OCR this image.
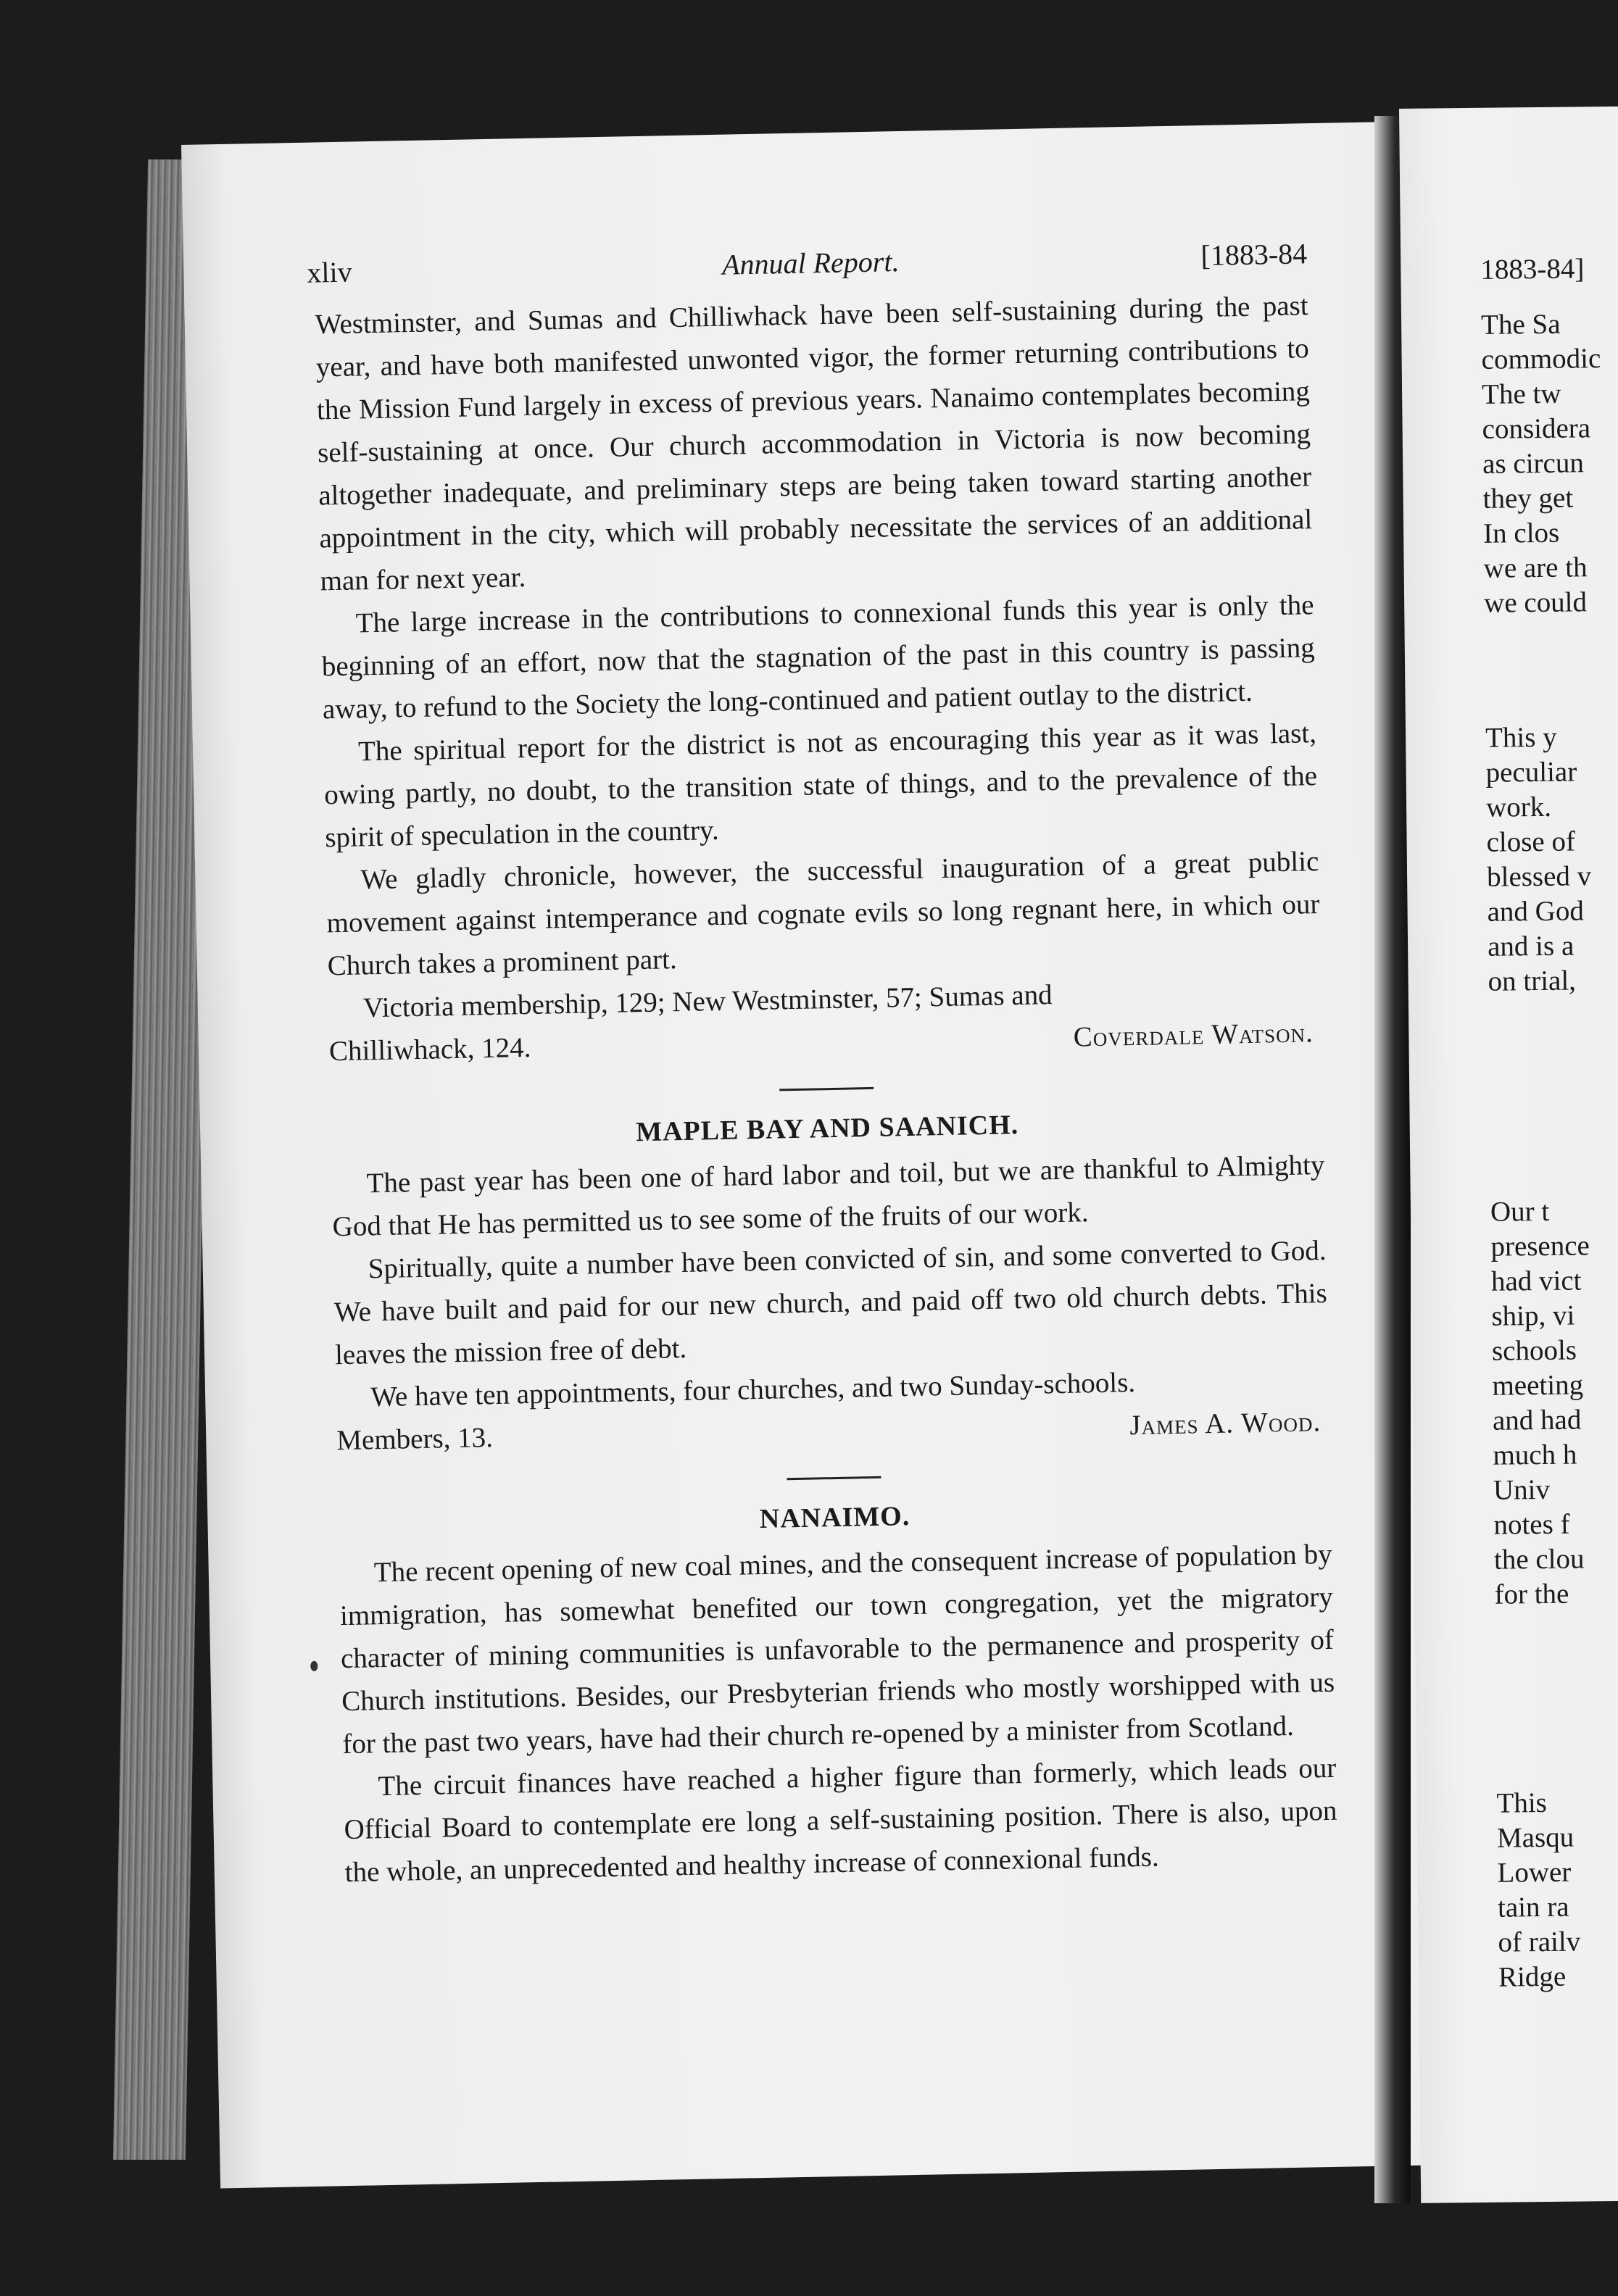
xliv	Annual Report.	[1883-84

Westminster, and Sumas and Chilliwhack have been self-sustaining during the past year, and have both manifested unwonted vigor, the former returning contributions to the Mission Fund largely in excess of previous years. Nanaimo contemplates becoming self-sustaining at once. Our church accommodation in Victoria is now becoming altogether inadequate, and preliminary steps are being taken toward starting another appointment in the city, which will probably necessitate the services of an additional man for next year.

The large increase in the contributions to connexional funds this year is only the beginning of an effort, now that the stagnation of the past in this country is passing away, to refund to the Society the long-continued and patient outlay to the district.

The spiritual report for the district is not as encouraging this year as it was last, owing partly, no doubt, to the transition state of things, and to the prevalence of the spirit of speculation in the country.

We gladly chronicle, however, the successful inauguration of a great public movement against intemperance and cognate evils so long regnant here, in which our Church takes a prominent part.

Victoria membership, 129; New Westminster, 57; Sumas and

Chilliwhack, 124.	Coverdale Watson.
MAPLE BAY AND SAANICH.

The past year has been one of hard labor and toil, but we are thankful to Almighty God that He has permitted us to see some of the fruits of our work.

Spiritually, quite a number have been convicted of sin, and some converted to God. We have built and paid for our new church, and paid off two old church debts. This leaves the mission free of debt.

We have ten appointments, four churches, and two Sunday-schools.

Members, 13.	James A. Wood.
NANAIMO.

The recent opening of new coal mines, and the consequent increase of population by immigration, has somewhat benefited our town congregation, yet the migratory character of mining communities is unfavorable to the permanence and prosperity of Church institutions. Besides, our Presbyterian friends who mostly worshipped with us for the past two years, have had their church re-opened by a minister from Scotland.

The circuit finances have reached a higher figure than formerly, which leads our Official Board to contemplate ere long a self-sustaining position. There is also, upon the whole, an unprecedented and healthy increase of connexional funds.

1883-84]
The Sa
commodic
The tw
considera
as circun
they get
In clos
we are th
we could
This y
peculiar
work.
close of
blessed v
and God
and is a
on trial,
Our t
presence
had vict
ship, vi
schools
meeting
and had
much h
Univ
notes f
the clou
for the
This
Masqu
Lower
tain ra
of railv
Ridge
